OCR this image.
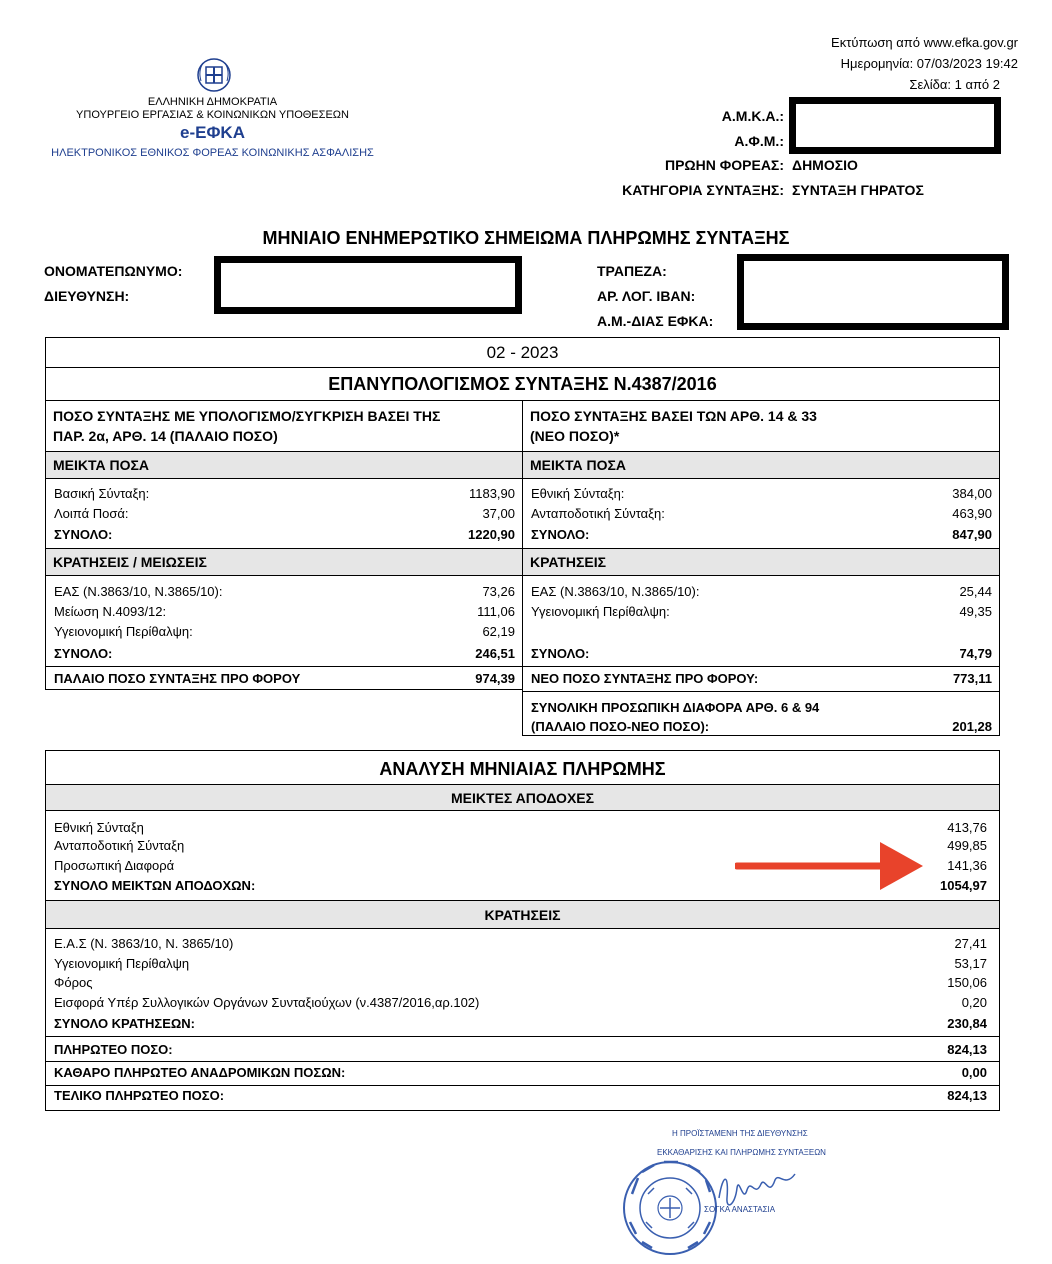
Εκτύπωση από www.efka.gov.gr
Ημερομηνία: 07/03/2023 19:42
Σελίδα: 1 από 2
ΕΛΛΗΝΙΚΗ ΔΗΜΟΚΡΑΤΙΑ
ΥΠΟΥΡΓΕΙΟ ΕΡΓΑΣΙΑΣ & ΚΟΙΝΩΝΙΚΩΝ ΥΠΟΘΕΣΕΩΝ
e-ΕΦΚΑ
ΗΛΕΚΤΡΟΝΙΚΟΣ ΕΘΝΙΚΟΣ ΦΟΡΕΑΣ ΚΟΙΝΩΝΙΚΗΣ ΑΣΦΑΛΙΣΗΣ
Α.Μ.Κ.Α.:
Α.Φ.Μ.:
ΠΡΩΗΝ ΦΟΡΕΑΣ: ΔΗΜΟΣΙΟ
ΚΑΤΗΓΟΡΙΑ ΣΥΝΤΑΞΗΣ: ΣΥΝΤΑΞΗ ΓΗΡΑΤΟΣ
ΜΗΝΙΑΙΟ ΕΝΗΜΕΡΩΤΙΚΟ ΣΗΜΕΙΩΜΑ ΠΛΗΡΩΜΗΣ ΣΥΝΤΑΞΗΣ
ΟΝΟΜΑΤΕΠΩΝΥΜΟ:
ΔΙΕΥΘΥΝΣΗ:
ΤΡΑΠΕΖΑ:
ΑΡ. ΛΟΓ. IBAN:
Α.Μ.-ΔΙΑΣ ΕΦΚΑ:
02 - 2023
ΕΠΑΝΥΠΟΛΟΓΙΣΜΟΣ ΣΥΝΤΑΞΗΣ Ν.4387/2016
ΠΟΣΟ ΣΥΝΤΑΞΗΣ ΜΕ ΥΠΟΛΟΓΙΣΜΟ/ΣΥΓΚΡΙΣΗ ΒΑΣΕΙ ΤΗΣ
ΠΑΡ. 2α, ΑΡΘ. 14 (ΠΑΛΑΙΟ ΠΟΣΟ)
ΠΟΣΟ ΣΥΝΤΑΞΗΣ ΒΑΣΕΙ ΤΩΝ ΑΡΘ. 14 & 33
(ΝΕΟ ΠΟΣΟ)*
ΜΕΙΚΤΑ ΠΟΣΑ	ΜΕΙΚΤΑ ΠΟΣΑ
Βασική Σύνταξη:	1183,90
Λοιπά Ποσά:	37,00
ΣΥΝΟΛΟ:	1220,90
Εθνική Σύνταξη:	384,00
Ανταποδοτική Σύνταξη:	463,90
ΣΥΝΟΛΟ:	847,90
ΚΡΑΤΗΣΕΙΣ / ΜΕΙΩΣΕΙΣ	ΚΡΑΤΗΣΕΙΣ
ΕΑΣ (Ν.3863/10, Ν.3865/10):	73,26
Μείωση Ν.4093/12:	111,06
Υγειονομική Περίθαλψη:	62,19
ΣΥΝΟΛΟ:	246,51
ΕΑΣ (Ν.3863/10, Ν.3865/10):	25,44
Υγειονομική Περίθαλψη:	49,35
ΣΥΝΟΛΟ:	74,79
ΠΑΛΑΙΟ ΠΟΣΟ ΣΥΝΤΑΞΗΣ ΠΡΟ ΦΟΡΟΥ	974,39 ΝΕΟ ΠΟΣΟ ΣΥΝΤΑΞΗΣ ΠΡΟ ΦΟΡΟΥ:	773,11
ΣΥΝΟΛΙΚΗ ΠΡΟΣΩΠΙΚΗ ΔΙΑΦΟΡΑ ΑΡΘ. 6 & 94
(ΠΑΛΑΙΟ ΠΟΣΟ-ΝΕΟ ΠΟΣΟ):	201,28
ΑΝΑΛΥΣΗ ΜΗΝΙΑΙΑΣ ΠΛΗΡΩΜΗΣ
ΜΕΙΚΤΕΣ ΑΠΟΔΟΧΕΣ
Εθνική Σύνταξη	413,76
Ανταποδοτική Σύνταξη	499,85
Προσωπική Διαφορά	141,36
ΣΥΝΟΛΟ ΜΕΙΚΤΩΝ ΑΠΟΔΟΧΩΝ:	1054,97
ΚΡΑΤΗΣΕΙΣ
Ε.Α.Σ (Ν. 3863/10, Ν. 3865/10)	27,41
Υγειονομική Περίθαλψη	53,17
Φόρος	150,06
Εισφορά Υπέρ Συλλογικών Οργάνων Συνταξιούχων (ν.4387/2016,αρ.102)	0,20
ΣΥΝΟΛΟ ΚΡΑΤΗΣΕΩΝ:	230,84
ΠΛΗΡΩΤΕΟ ΠΟΣΟ:	824,13
ΚΑΘΑΡΟ ΠΛΗΡΩΤΕΟ ΑΝΑΔΡΟΜΙΚΩΝ ΠΟΣΩΝ:	0,00
ΤΕΛΙΚΟ ΠΛΗΡΩΤΕΟ ΠΟΣΟ:	824,13
Η ΠΡΟΪΣΤΑΜΕΝΗ ΤΗΣ ΔΙΕΥΘΥΝΣΗΣ
ΕΚΚΑΘΑΡΙΣΗΣ ΚΑΙ ΠΛΗΡΩΜΗΣ ΣΥΝΤΑΞΕΩΝ
ΣΟΓΚΑ ΑΝΑΣΤΑΣΙΑ
